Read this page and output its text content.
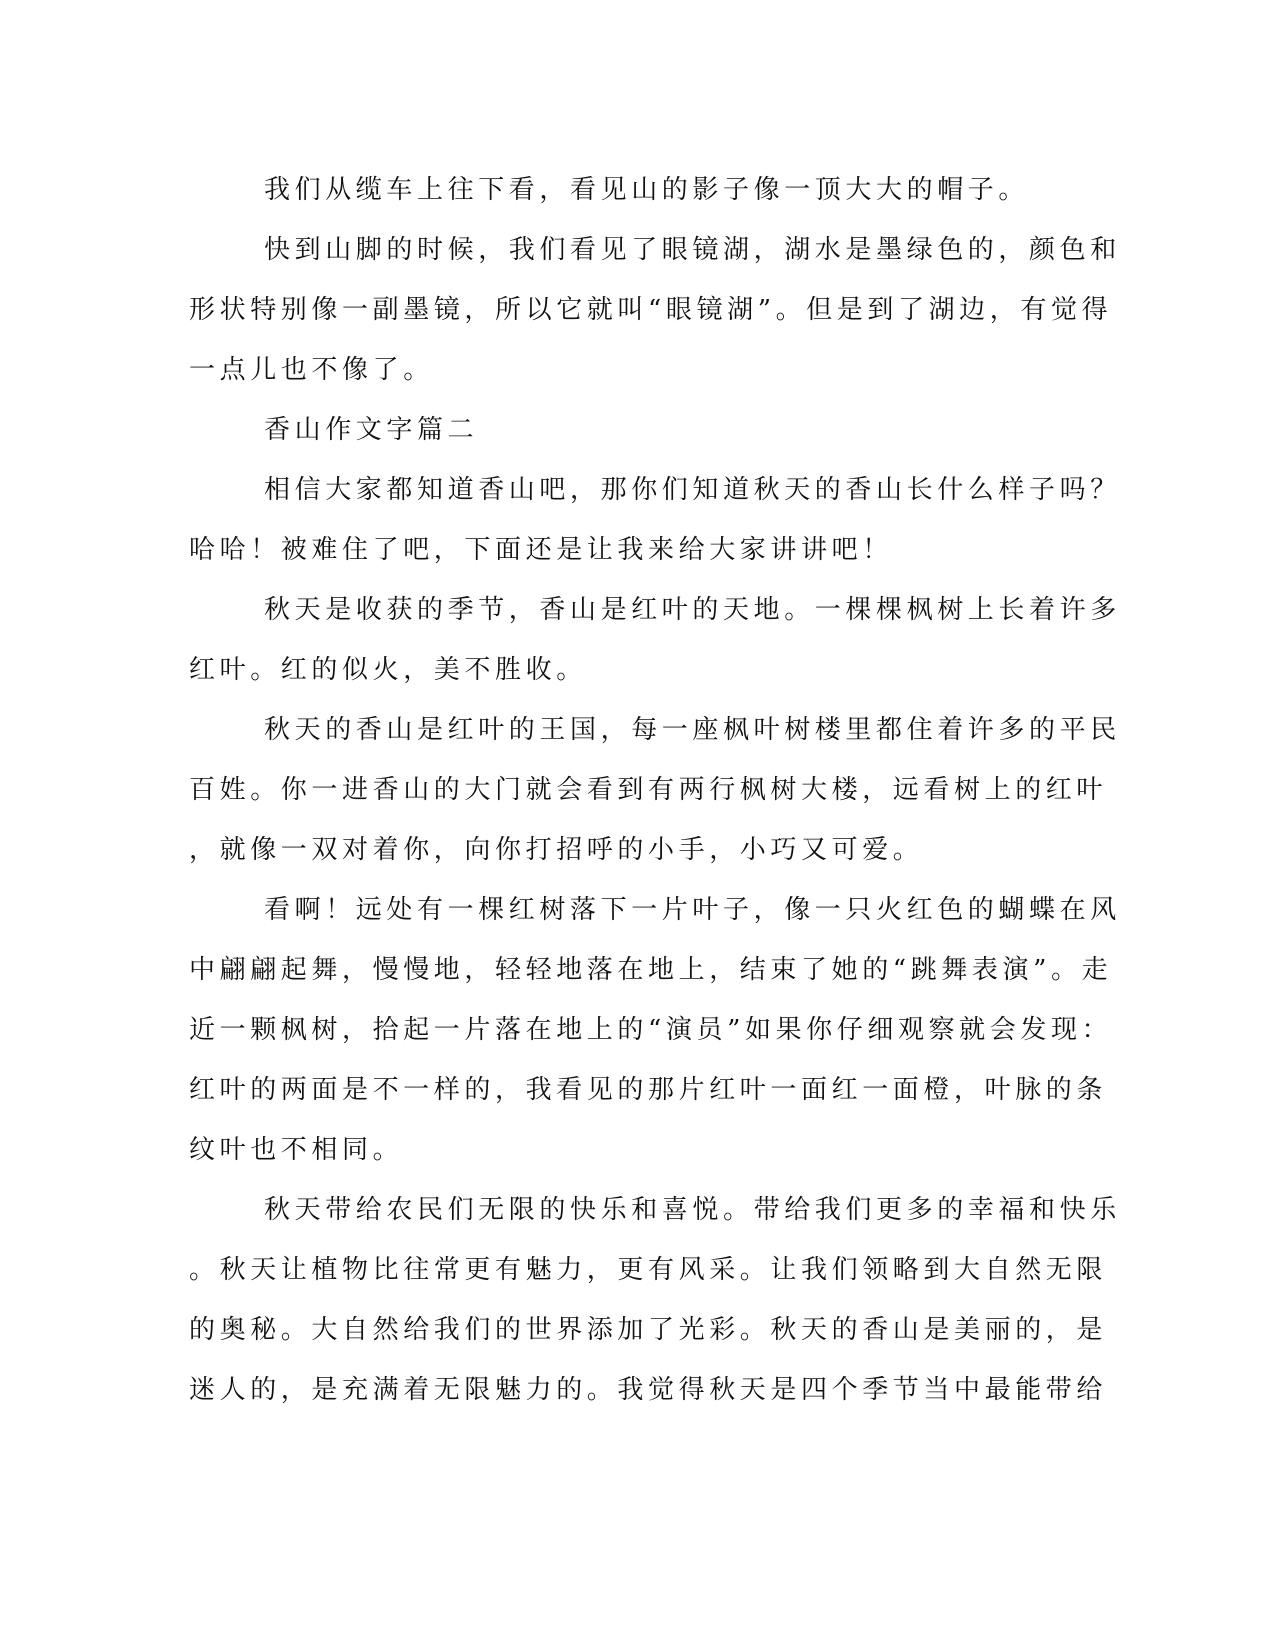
我们从缆车上往下看，看见山的影子像一顶大大的帽子。
快到山脚的时候，我们看见了眼镜湖，湖水是墨绿色的，颜色和
形状特别像一副墨镜，所以它就叫“眼镜湖”。但是到了湖边，有觉得
一点儿也不像了。
香山作文字篇二
相信大家都知道香山吧，那你们知道秋天的香山长什么样子吗？
哈哈！被难住了吧，下面还是让我来给大家讲讲吧！
秋天是收获的季节，香山是红叶的天地。一棵棵枫树上长着许多
红叶。红的似火，美不胜收。
秋天的香山是红叶的王国，每一座枫叶树楼里都住着许多的平民
百姓。你一进香山的大门就会看到有两行枫树大楼，远看树上的红叶
，就像一双对着你，向你打招呼的小手，小巧又可爱。
看啊！远处有一棵红树落下一片叶子，像一只火红色的蝴蝶在风
中翩翩起舞，慢慢地，轻轻地落在地上，结束了她的“跳舞表演”。走
近一颗枫树，拾起一片落在地上的“演员”如果你仔细观察就会发现：
红叶的两面是不一样的，我看见的那片红叶一面红一面橙，叶脉的条
纹叶也不相同。
秋天带给农民们无限的快乐和喜悦。带给我们更多的幸福和快乐
。秋天让植物比往常更有魅力，更有风采。让我们领略到大自然无限
的奥秘。大自然给我们的世界添加了光彩。秋天的香山是美丽的，是
迷人的，是充满着无限魅力的。我觉得秋天是四个季节当中最能带给
